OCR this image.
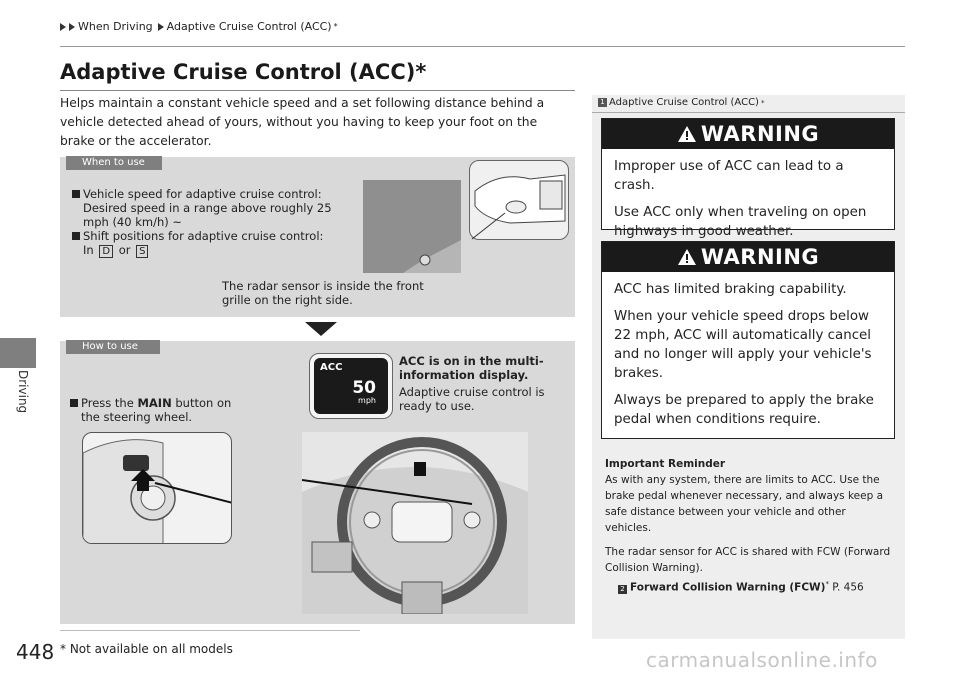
Driving
When Driving Adaptive Cruise Control (ACC) *
Adaptive Cruise Control (ACC)*
Helps maintain a constant vehicle speed and a set following distance behind a vehicle detected ahead of yours, without you having to keep your foot on the brake or the accelerator.
When to use
Vehicle speed for adaptive cruise control:
Desired speed in a range above roughly 25 mph (40 km/h) ~
Shift positions for adaptive cruise control:
In D or S
The radar sensor is inside the front
grille on the right side.
How to use
Press the MAIN button on
the steering wheel.
ACC
50
mph
ACC is on in the multi-
information display.
Adaptive cruise control is
ready to use.
1 Adaptive Cruise Control (ACC) *
WARNING

Improper use of ACC can lead to a crash.

Use ACC only when traveling on open highways in good weather.

WARNING

ACC has limited braking capability.

When your vehicle speed drops below 22 mph, ACC will automatically cancel and no longer will apply your vehicle's brakes.

Always be prepared to apply the brake pedal when conditions require.

Important Reminder
As with any system, there are limits to ACC. Use the brake pedal whenever necessary, and always keep a safe distance between your vehicle and other vehicles.
The radar sensor for ACC is shared with FCW (Forward Collision Warning).
2 Forward Collision Warning (FCW)* P. 456
448 * Not available on all models	carmanualsonline.info
